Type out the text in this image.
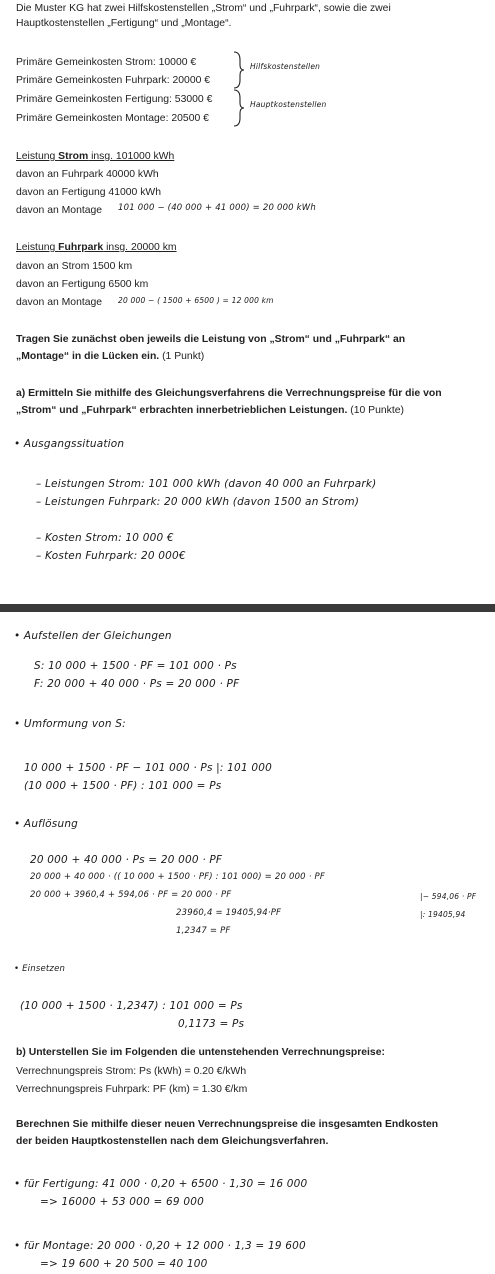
Die Muster KG hat zwei Hilfskostenstellen „Strom“ und „Fuhrpark“, sowie die zwei
Hauptkostenstellen „Fertigung“ und „Montage“.
Primäre Gemeinkosten Strom: 10000 €
Primäre Gemeinkosten Fuhrpark: 20000 €
Primäre Gemeinkosten Fertigung: 53000 €
Primäre Gemeinkosten Montage: 20500 €
Hilfskostenstellen
Hauptkostenstellen
Leistung Strom insg. 101000 kWh
davon an Fuhrpark 40000 kWh
davon an Fertigung 41000 kWh
davon an Montage 101 000 − (40 000 + 41 000) = 20 000 kWh
Leistung Fuhrpark insg. 20000 km
davon an Strom 1500 km
davon an Fertigung 6500 km
davon an Montage 20 000 − ( 1500 + 6500 ) = 12 000 km
Tragen Sie zunächst oben jeweils die Leistung von „Strom“ und „Fuhrpark“ an
„Montage“ in die Lücken ein. (1 Punkt)
a) Ermitteln Sie mithilfe des Gleichungsverfahrens die Verrechnungspreise für die von
„Strom“ und „Fuhrpark“ erbrachten innerbetrieblichen Leistungen. (10 Punkte)
• Ausgangssituation
– Leistungen Strom: 101 000 kWh (davon 40 000 an Fuhrpark)
– Leistungen Fuhrpark: 20 000 kWh (davon 1500 an Strom)
– Kosten Strom: 10 000 €
– Kosten Fuhrpark: 20 000€
• Aufstellen der Gleichungen
S: 10 000 + 1500 · PF = 101 000 · Ps
F: 20 000 + 40 000 · Ps = 20 000 · PF
• Umformung von S:
10 000 + 1500 · PF − 101 000 · Ps |: 101 000
(10 000 + 1500 · PF) : 101 000 = Ps
• Auflösung
20 000 + 40 000 · Ps = 20 000 · PF
20 000 + 40 000 · (( 10 000 + 1500 · PF) : 101 000) = 20 000 · PF
20 000 + 3960,4 + 594,06 · PF = 20 000 · PF	|− 594,06 · PF
23960,4 = 19405,94·PF	|: 19405,94
1,2347 = PF
• Einsetzen
(10 000 + 1500 · 1,2347) : 101 000 = Ps
0,1173 = Ps
b) Unterstellen Sie im Folgenden die untenstehenden Verrechnungspreise:
Verrechnungspreis Strom: Ps (kWh) = 0.20 €/kWh
Verrechnungspreis Fuhrpark: PF (km) = 1.30 €/km
Berechnen Sie mithilfe dieser neuen Verrechnungspreise die insgesamten Endkosten
der beiden Hauptkostenstellen nach dem Gleichungsverfahren.
• für Fertigung: 41 000 · 0,20 + 6500 · 1,30 = 16 000
=> 16000 + 53 000 = 69 000
• für Montage: 20 000 · 0,20 + 12 000 · 1,3 = 19 600
=> 19 600 + 20 500 = 40 100
